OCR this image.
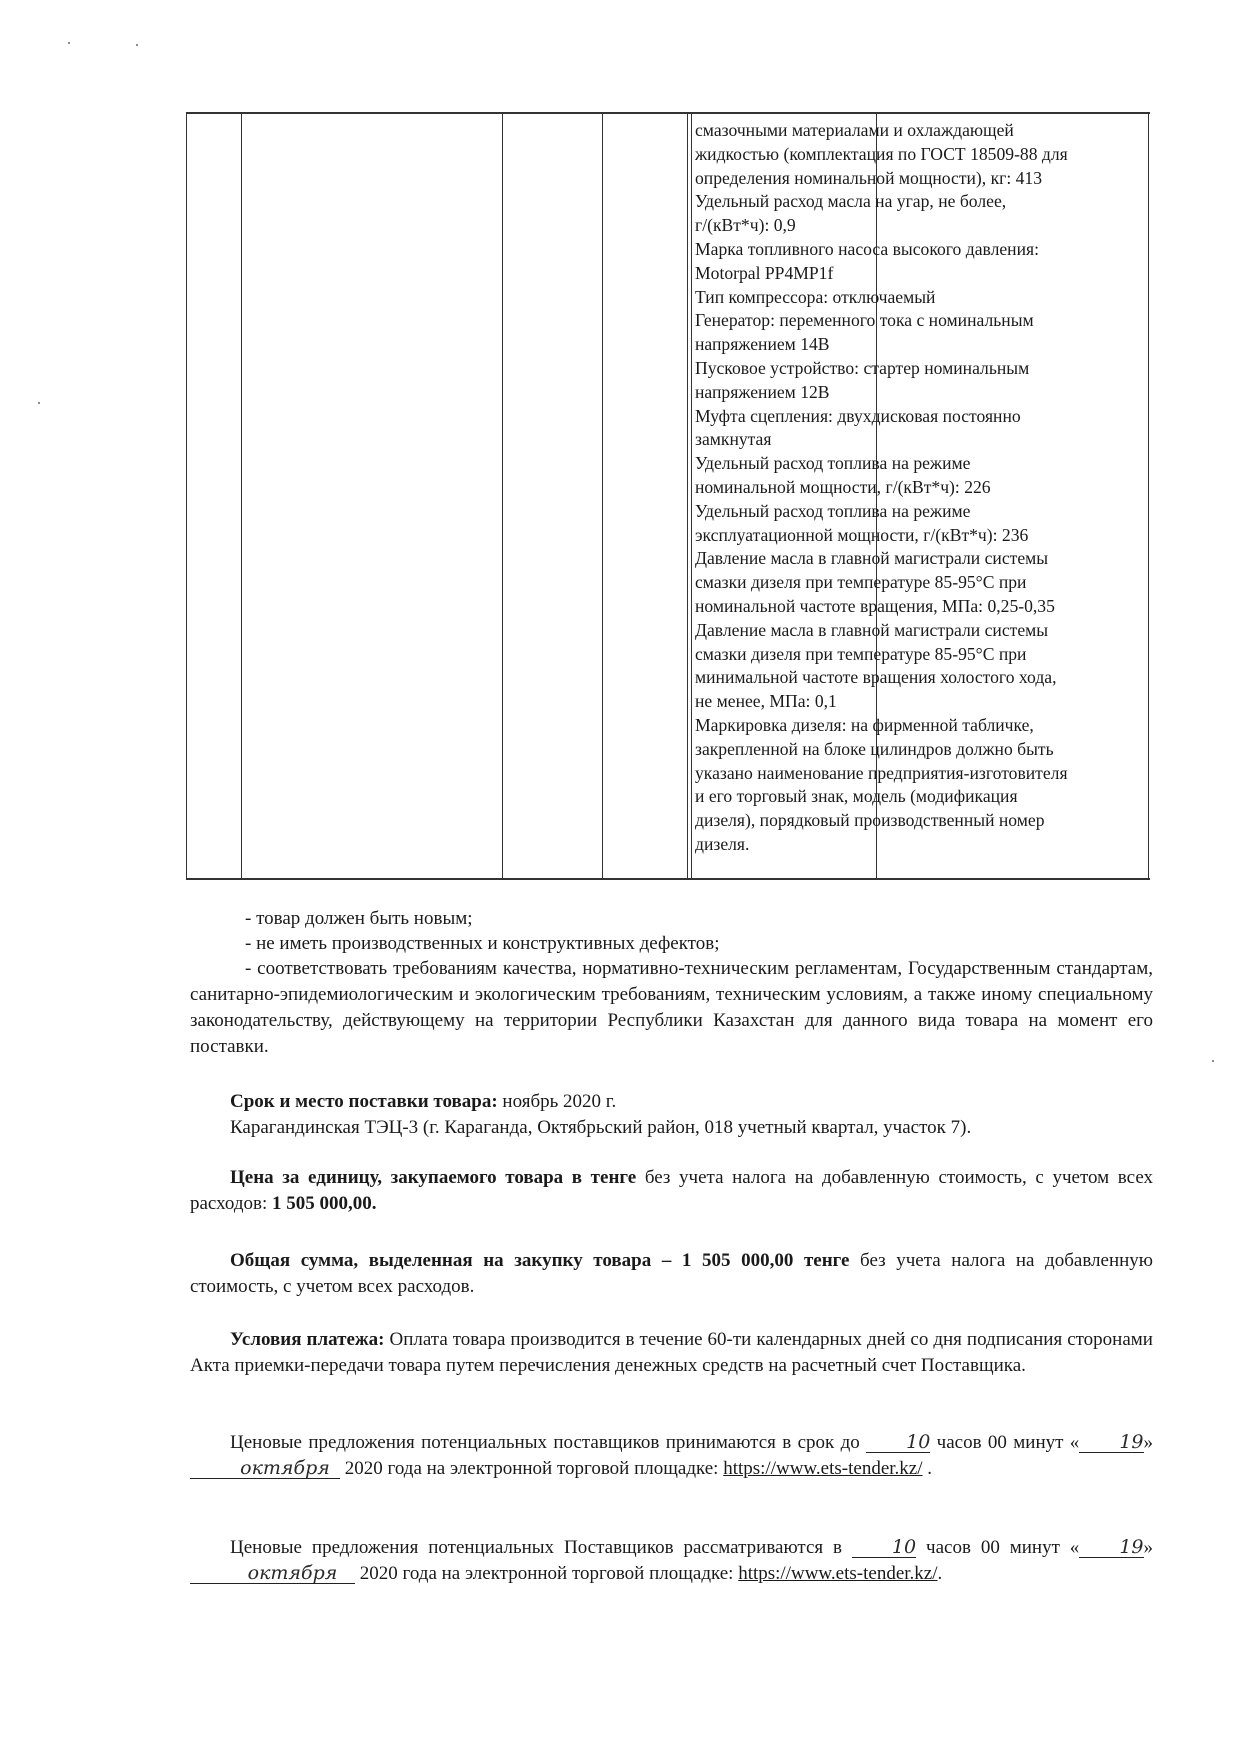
смазочными материалами и охлаждающей
жидкостью (комплектация по ГОСТ 18509-88 для
определения номинальной мощности), кг: 413
Удельный расход масла на угар, не более,
г/(кВт*ч): 0,9
Марка топливного насоса высокого давления:
Motorpal PP4MP1f
Тип компрессора: отключаемый
Генератор: переменного тока с номинальным
напряжением 14В
Пусковое устройство: стартер номинальным
напряжением 12В
Муфта сцепления: двухдисковая постоянно
замкнутая
Удельный расход топлива на режиме
номинальной мощности, г/(кВт*ч): 226
Удельный расход топлива на режиме
эксплуатационной мощности, г/(кВт*ч): 236
Давление масла в главной магистрали системы
смазки дизеля при температуре 85-95°С при
номинальной частоте вращения, МПа: 0,25-0,35
Давление масла в главной магистрали системы
смазки дизеля при температуре 85-95°С при
минимальной частоте вращения холостого хода,
не менее, МПа: 0,1
Маркировка дизеля: на фирменной табличке,
закрепленной на блоке цилиндров должно быть
указано наименование предприятия-изготовителя
и его торговый знак, модель (модификация
дизеля), порядковый производственный номер
дизеля.
- товар должен быть новым;
- не иметь производственных и конструктивных дефектов;
- соответствовать требованиям качества, нормативно-техническим регламентам, Государственным стандартам, санитарно-эпидемиологическим и экологическим требованиям, техническим условиям, а также иному специальному законодательству, действующему на территории Республики Казахстан для данного вида товара на момент его поставки.
Срок и место поставки товара: ноябрь 2020 г.
Карагандинская ТЭЦ-3 (г. Караганда, Октябрьский район, 018 учетный квартал, участок 7).
Цена за единицу, закупаемого товара в тенге без учета налога на добавленную стоимость, с учетом всех расходов: 1 505 000,00.
Общая сумма, выделенная на закупку товара – 1 505 000,00 тенге без учета налога на добавленную стоимость, с учетом всех расходов.
Условия платежа: Оплата товара производится в течение 60-ти календарных дней со дня подписания сторонами Акта приемки-передачи товара путем перечисления денежных средств на расчетный счет Поставщика.
Ценовые предложения потенциальных поставщиков принимаются в срок до 10 часов 00 минут « 19» октября 2020 года на электронной торговой площадке: https://www.ets-tender.kz/ .
Ценовые предложения потенциальных Поставщиков рассматриваются в 10 часов 00 минут « 19» октября 2020 года на электронной торговой площадке: https://www.ets-tender.kz/.
